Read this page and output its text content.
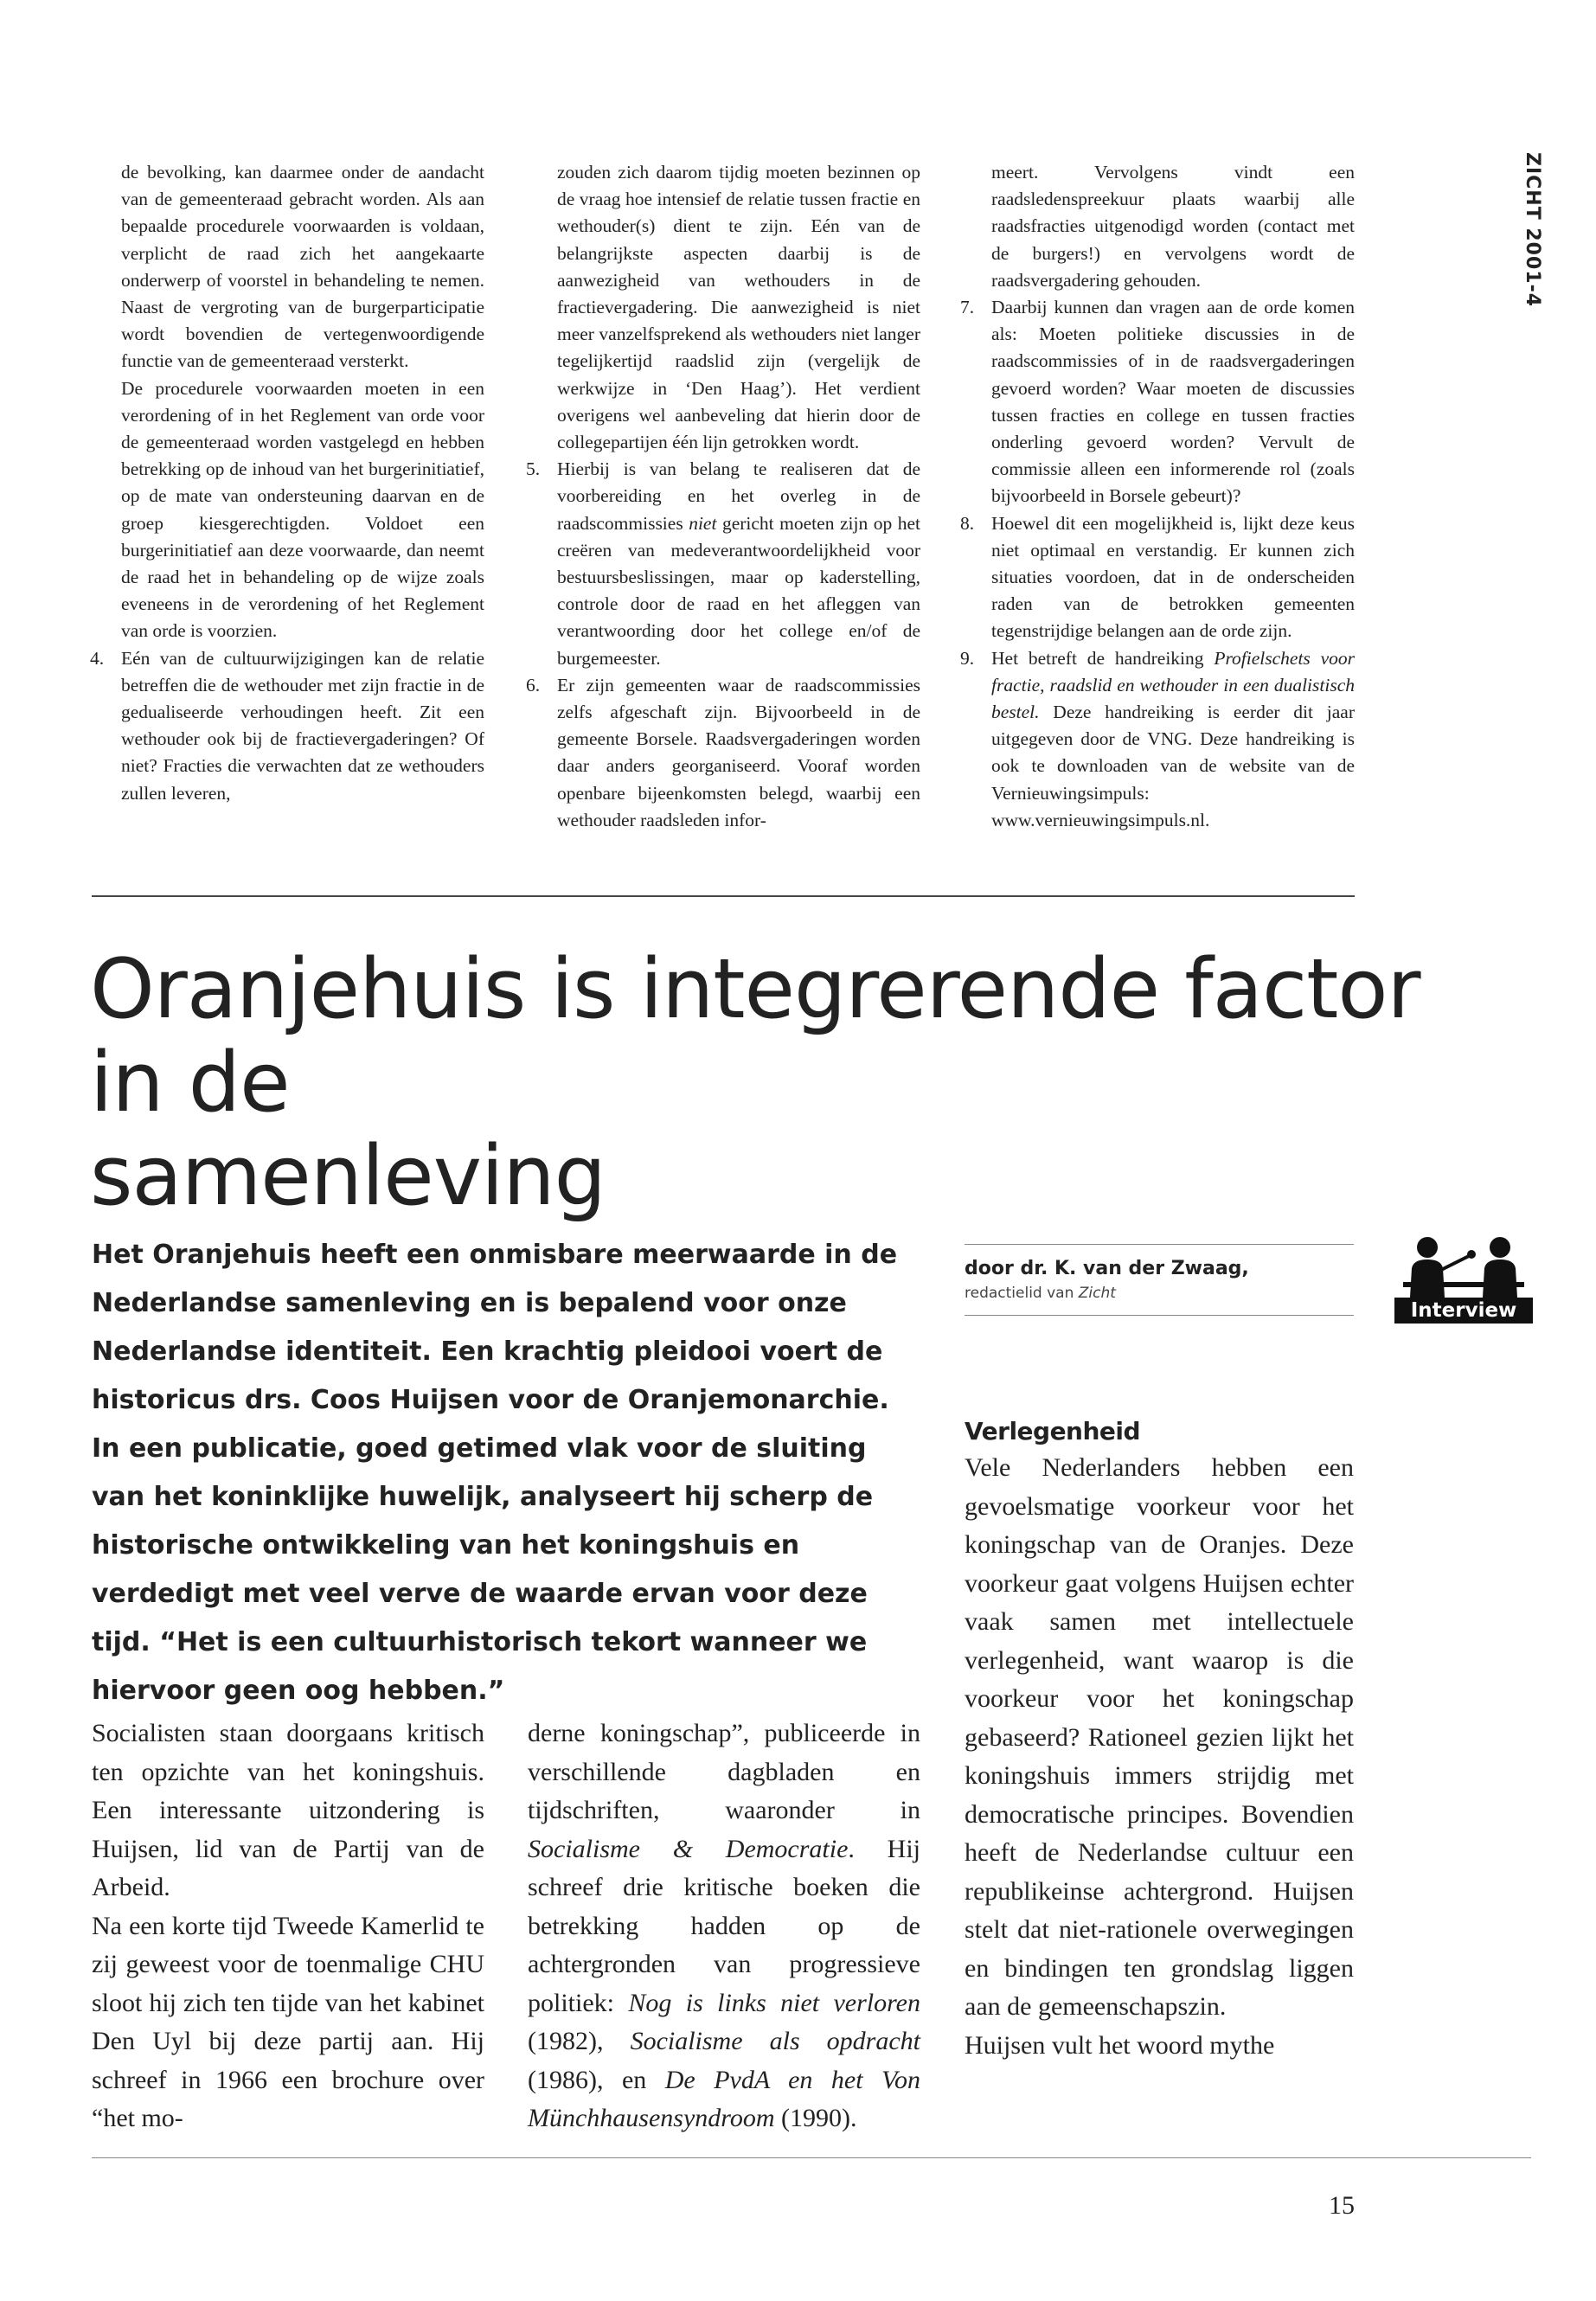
ZICHT 2001-4

de bevolking, kan daarmee onder de aandacht van de gemeenteraad gebracht worden. Als aan bepaalde procedurele voorwaarden is voldaan, verplicht de raad zich het aangekaarte onderwerp of voorstel in behandeling te nemen. Naast de vergroting van de burgerparticipatie wordt bovendien de vertegenwoordigende functie van de gemeenteraad versterkt.

De procedurele voorwaarden moeten in een verordening of in het Reglement van orde voor de gemeenteraad worden vastgelegd en hebben betrekking op de inhoud van het burgerinitiatief, op de mate van ondersteuning daarvan en de groep kiesgerechtigden. Voldoet een burgerinitiatief aan deze voorwaarde, dan neemt de raad het in behandeling op de wijze zoals eveneens in de verordening of het Reglement van orde is voorzien.

4. Eén van de cultuurwijzigingen kan de relatie betreffen die de wethouder met zijn fractie in de gedualiseerde verhoudingen heeft. Zit een wethouder ook bij de fractievergaderingen? Of niet? Fracties die verwachten dat ze wethouders zullen leveren,

zouden zich daarom tijdig moeten bezinnen op de vraag hoe intensief de relatie tussen fractie en wethouder(s) dient te zijn. Eén van de belangrijkste aspecten daarbij is de aanwezigheid van wethouders in de fractievergadering. Die aanwezigheid is niet meer vanzelfsprekend als wethouders niet langer tegelijkertijd raadslid zijn (vergelijk de werkwijze in ‘Den Haag’). Het verdient overigens wel aanbeveling dat hierin door de collegepartijen één lijn getrokken wordt.

5. Hierbij is van belang te realiseren dat de voorbereiding en het overleg in de raadscommissies niet gericht moeten zijn op het creëren van medeverantwoordelijkheid voor bestuursbeslissingen, maar op kaderstelling, controle door de raad en het afleggen van verantwoording door het college en/of de burgemeester.

6. Er zijn gemeenten waar de raadscommissies zelfs afgeschaft zijn. Bijvoorbeeld in de gemeente Borsele. Raadsvergaderingen worden daar anders georganiseerd. Vooraf worden openbare bijeenkomsten belegd, waarbij een wethouder raadsleden infor-

meert. Vervolgens vindt een raadsledenspreekuur plaats waarbij alle raadsfracties uitgenodigd worden (contact met de burgers!) en vervolgens wordt de raadsvergadering gehouden.

7. Daarbij kunnen dan vragen aan de orde komen als: Moeten politieke discussies in de raadscommissies of in de raadsvergaderingen gevoerd worden? Waar moeten de discussies tussen fracties en college en tussen fracties onderling gevoerd worden? Vervult de commissie alleen een informerende rol (zoals bijvoorbeeld in Borsele gebeurt)?

8. Hoewel dit een mogelijkheid is, lijkt deze keus niet optimaal en verstandig. Er kunnen zich situaties voordoen, dat in de onderscheiden raden van de betrokken gemeenten tegenstrijdige belangen aan de orde zijn.

9. Het betreft de handreiking Profielschets voor fractie, raadslid en wethouder in een dualistisch bestel. Deze handreiking is eerder dit jaar uitgegeven door de VNG. Deze handreiking is ook te downloaden van de website van de Vernieuwingsimpuls: www.vernieuwingsimpuls.nl.

Oranjehuis is integrerende factor in de
samenleving

Het Oranjehuis heeft een onmisbare meerwaarde in de Nederlandse samenleving en is bepalend voor onze Nederlandse identiteit. Een krachtig pleidooi voert de historicus drs. Coos Huijsen voor de Oranjemonarchie. In een publicatie, goed getimed vlak voor de sluiting van het koninklijke huwelijk, analyseert hij scherp de historische ontwikkeling van het koningshuis en verdedigt met veel verve de waarde ervan voor deze tijd. “Het is een cultuurhistorisch tekort wanneer we hiervoor geen oog hebben.”

door dr. K. van der Zwaag,
redactielid van Zicht
Interview

Socialisten staan doorgaans kritisch ten opzichte van het koningshuis. Een interessante uitzondering is Huijsen, lid van de Partij van de Arbeid.

Na een korte tijd Tweede Kamerlid te zij geweest voor de toenmalige CHU sloot hij zich ten tijde van het kabinet Den Uyl bij deze partij aan. Hij schreef in 1966 een brochure over “het mo-

derne koningschap”, publiceerde in verschillende dagbladen en tijdschriften, waaronder in Socialisme & Democratie. Hij schreef drie kritische boeken die betrekking hadden op de achtergronden van progressieve politiek: Nog is links niet verloren (1982), Socialisme als opdracht (1986), en De PvdA en het Von Münchhausensyndroom (1990).

Verlegenheid

Vele Nederlanders hebben een gevoelsmatige voorkeur voor het koningschap van de Oranjes. Deze voorkeur gaat volgens Huijsen echter vaak samen met intellectuele verlegenheid, want waarop is die voorkeur voor het koningschap gebaseerd? Rationeel gezien lijkt het koningshuis immers strijdig met democratische principes. Bovendien heeft de Nederlandse cultuur een republikeinse achtergrond. Huijsen stelt dat niet-rationele overwegingen en bindingen ten grondslag liggen aan de gemeenschapszin.

Huijsen vult het woord mythe

15
